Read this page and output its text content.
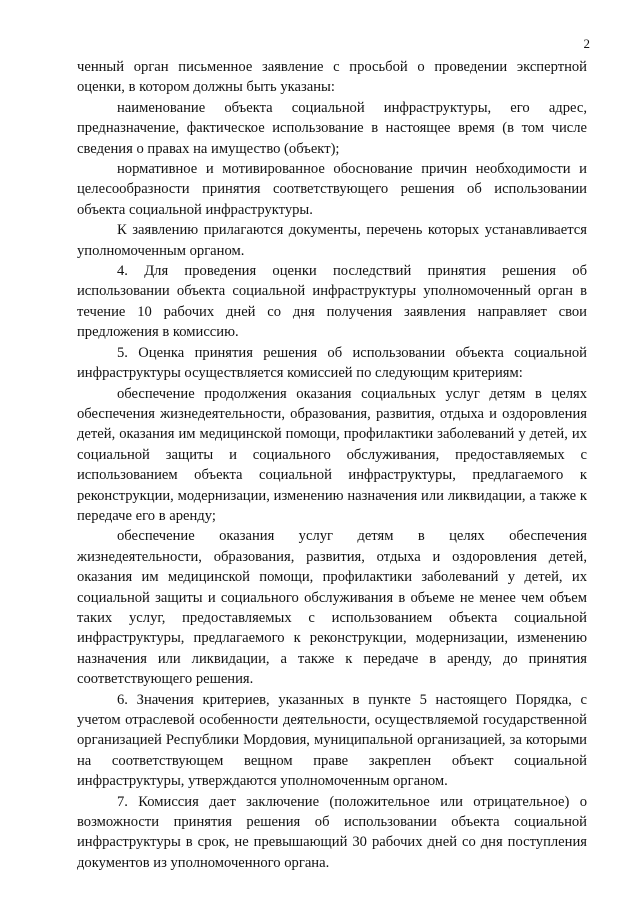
2

ченный орган письменное заявление с просьбой о проведении экспертной оценки, в котором должны быть указаны:

наименование объекта социальной инфраструктуры, его адрес, предназначение, фактическое использование в настоящее время (в том числе сведения о правах на имущество (объект);

нормативное и мотивированное обоснование причин необходимости и целесообразности принятия соответствующего решения об использовании объекта социальной инфраструктуры.

К заявлению прилагаются документы, перечень которых устанавливается уполномоченным органом.

4. Для проведения оценки последствий принятия решения об использовании объекта социальной инфраструктуры уполномоченный орган в течение 10 рабочих дней со дня получения заявления направляет свои предложения в комиссию.

5. Оценка принятия решения об использовании объекта социальной инфраструктуры осуществляется комиссией по следующим критериям:

обеспечение продолжения оказания социальных услуг детям в целях обеспечения жизнедеятельности, образования, развития, отдыха и оздоровления детей, оказания им медицинской помощи, профилактики заболеваний у детей, их социальной защиты и социального обслуживания, предоставляемых с использованием объекта социальной инфраструктуры, предлагаемого к реконструкции, модернизации, изменению назначения или ликвидации, а также к передаче его в аренду;

обеспечение оказания услуг детям в целях обеспечения жизнедеятельности, образования, развития, отдыха и оздоровления детей, оказания им медицинской помощи, профилактики заболеваний у детей, их социальной защиты и социального обслуживания в объеме не менее чем объем таких услуг, предоставляемых с использованием объекта социальной инфраструктуры, предлагаемого к реконструкции, модернизации, изменению назначения или ликвидации, а также к передаче в аренду, до принятия соответствующего решения.

6. Значения критериев, указанных в пункте 5 настоящего Порядка, с учетом отраслевой особенности деятельности, осуществляемой государственной организацией Республики Мордовия, муниципальной организацией, за которыми на соответствующем вещном праве закреплен объект социальной инфраструктуры, утверждаются уполномоченным органом.

7. Комиссия дает заключение (положительное или отрицательное) о возможности принятия решения об использовании объекта социальной инфраструктуры в срок, не превышающий 30 рабочих дней со дня поступления документов из уполномоченного органа.
